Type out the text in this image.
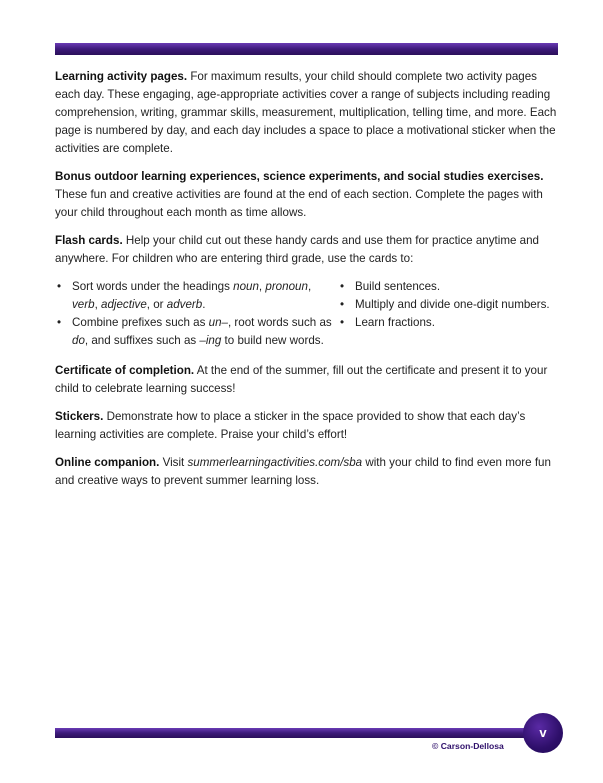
Learning activity pages. For maximum results, your child should complete two activity pages each day. These engaging, age-appropriate activities cover a range of subjects including reading comprehension, writing, grammar skills, measurement, multiplication, telling time, and more. Each page is numbered by day, and each day includes a space to place a motivational sticker when the activities are complete.

Bonus outdoor learning experiences, science experiments, and social studies exercises. These fun and creative activities are found at the end of each section. Complete the pages with your child throughout each month as time allows.

Flash cards. Help your child cut out these handy cards and use them for practice anytime and anywhere. For children who are entering third grade, use the cards to:

• Sort words under the headings noun, pronoun, verb, adjective, or adverb.
• Combine prefixes such as un–, root words such as do, and suffixes such as –ing to build new words.
• Build sentences.
• Multiply and divide one-digit numbers.
• Learn fractions.

Certificate of completion. At the end of the summer, fill out the certificate and present it to your child to celebrate learning success!

Stickers. Demonstrate how to place a sticker in the space provided to show that each day’s learning activities are complete. Praise your child’s effort!

Online companion. Visit summerlearningactivities.com/sba with your child to find even more fun and creative ways to prevent summer learning loss.

v
© Carson-Dellosa
